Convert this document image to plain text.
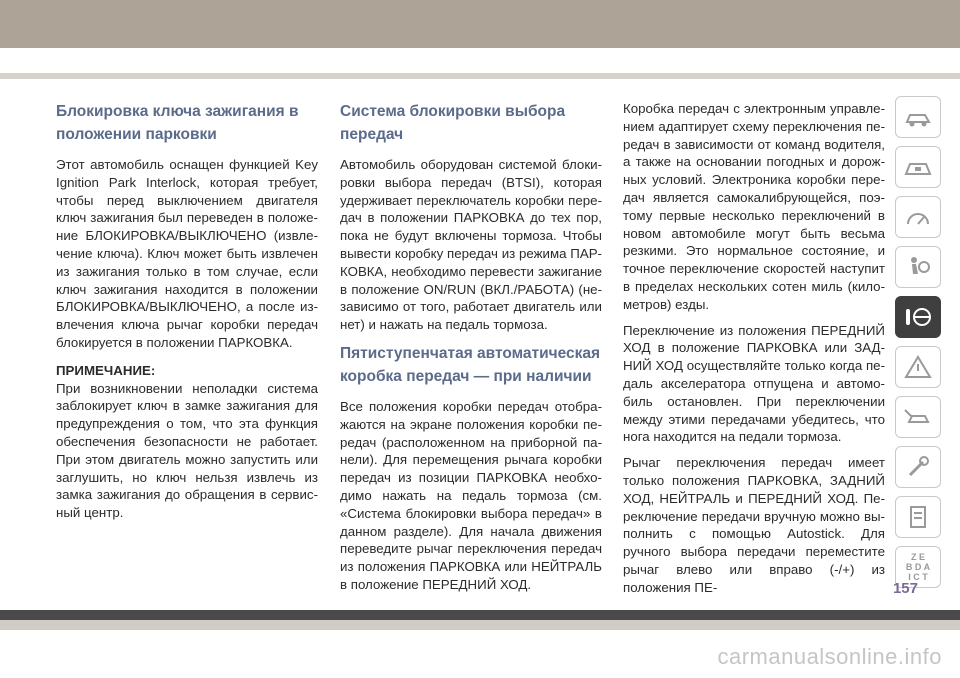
Блокировка ключа зажигания в положении парковки

Этот автомобиль оснащен функцией Key Ignition Park Interlock, которая требует, чтобы перед выключением двигателя ключ зажигания был переведен в положе-ние БЛОКИРОВКА/ВЫКЛЮЧЕНО (извле-чение ключа). Ключ может быть извлечен из зажигания только в том случае, если ключ зажигания находится в положении БЛОКИРОВКА/ВЫКЛЮЧЕНО, а после из-влечения ключа рычаг коробки передач блокируется в положении ПАРКОВКА.

ПРИМЕЧАНИЕ:

При возникновении неполадки система заблокирует ключ в замке зажигания для предупреждения о том, что эта функция обеспечения безопасности не работает. При этом двигатель можно запустить или заглушить, но ключ нельзя извлечь из замка зажигания до обращения в сервис-ный центр.

Система блокировки выбора передач

Автомобиль оборудован системой блоки-ровки выбора передач (BTSI), которая удерживает переключатель коробки пере-дач в положении ПАРКОВКА до тех пор, пока не будут включены тормоза. Чтобы вывести коробку передач из режима ПАР-КОВКА, необходимо перевести зажигание в положение ON/RUN (ВКЛ./РАБОТА) (не-зависимо от того, работает двигатель или нет) и нажать на педаль тормоза.

Пятиступенчатая автоматическая коробка передач — при наличии

Все положения коробки передач отобра-жаются на экране положения коробки пе-редач (расположенном на приборной па-нели). Для перемещения рычага коробки передач из позиции ПАРКОВКА необхо-димо нажать на педаль тормоза (см. «Система блокировки выбора передач» в данном разделе). Для начала движения переведите рычаг переключения передач из положения ПАРКОВКА или НЕЙТРАЛЬ в положение ПЕРЕДНИЙ ХОД.

Коробка передач с электронным управле-нием адаптирует схему переключения пе-редач в зависимости от команд водителя, а также на основании погодных и дорож-ных условий. Электроника коробки пере-дач является самокалибрующейся, поэ-тому первые несколько переключений в новом автомобиле могут быть весьма резкими. Это нормальное состояние, и точное переключение скоростей наступит в пределах нескольких сотен миль (кило-метров) езды.

Переключение из положения ПЕРЕДНИЙ ХОД в положение ПАРКОВКА или ЗАД-НИЙ ХОД осуществляйте только когда пе-даль акселератора отпущена и автомо-биль остановлен. При переключении между этими передачами убедитесь, что нога находится на педали тормоза.

Рычаг переключения передач имеет только положения ПАРКОВКА, ЗАДНИЙ ХОД, НЕЙТРАЛЬ и ПЕРЕДНИЙ ХОД. Пе-реключение передачи вручную можно вы-полнить с помощью Autostick. Для ручного выбора передачи переместите рычаг влево или вправо (-/+) из положения ПЕ-

Z E
B D A
I C T
157
carmanualsonline.info
